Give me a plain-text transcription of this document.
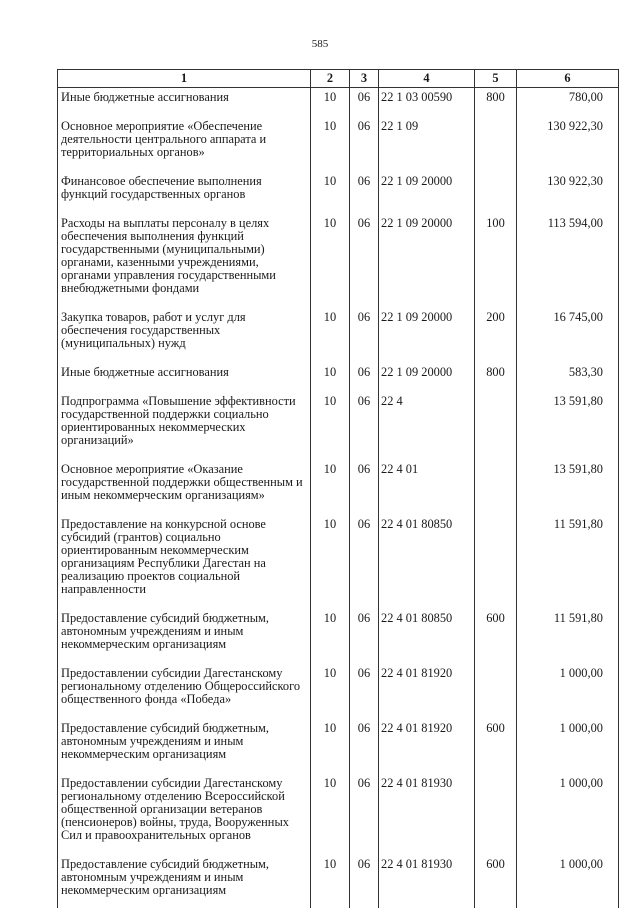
585
1	2	3	4	5	6
Иные бюджетные ассигнования	10	06	22 1 03 00590	800	780,00
Основное мероприятие «Обеспечение деятельности центрального аппарата и территориальных органов»	10	06	22 1 09		130 922,30
Финансовое обеспечение выполнения функций государственных органов	10	06	22 1 09 20000		130 922,30
Расходы на выплаты персоналу в целях обеспечения выполнения функций государственными (муниципальными) органами, казенными учреждениями, органами управления государственными внебюджетными фондами	10	06	22 1 09 20000	100	113 594,00
Закупка товаров, работ и услуг для обеспечения государственных (муниципальных) нужд	10	06	22 1 09 20000	200	16 745,00
Иные бюджетные ассигнования	10	06	22 1 09 20000	800	583,30
Подпрограмма «Повышение эффективности государственной поддержки социально ориентированных некоммерческих организаций»	10	06	22 4		13 591,80
Основное мероприятие «Оказание государственной поддержки общественным и иным некоммерческим организациям»	10	06	22 4 01		13 591,80
Предоставление на конкурсной основе субсидий (грантов) социально ориентированным некоммерческим организациям Республики Дагестан на реализацию проектов социальной направленности	10	06	22 4 01 80850		11 591,80
Предоставление субсидий бюджетным, автономным учреждениям и иным некоммерческим организациям	10	06	22 4 01 80850	600	11 591,80
Предоставлении субсидии Дагестанскому региональному отделению Общероссийского общественного фонда «Победа»	10	06	22 4 01 81920		1 000,00
Предоставление субсидий бюджетным, автономным учреждениям и иным некоммерческим организациям	10	06	22 4 01 81920	600	1 000,00
Предоставлении субсидии Дагестанскому региональному отделению Всероссийской общественной организации ветеранов (пенсионеров) войны, труда, Вооруженных Сил и правоохранительных органов	10	06	22 4 01 81930		1 000,00
Предоставление субсидий бюджетным, автономным учреждениям и иным некоммерческим организациям	10	06	22 4 01 81930	600	1 000,00
